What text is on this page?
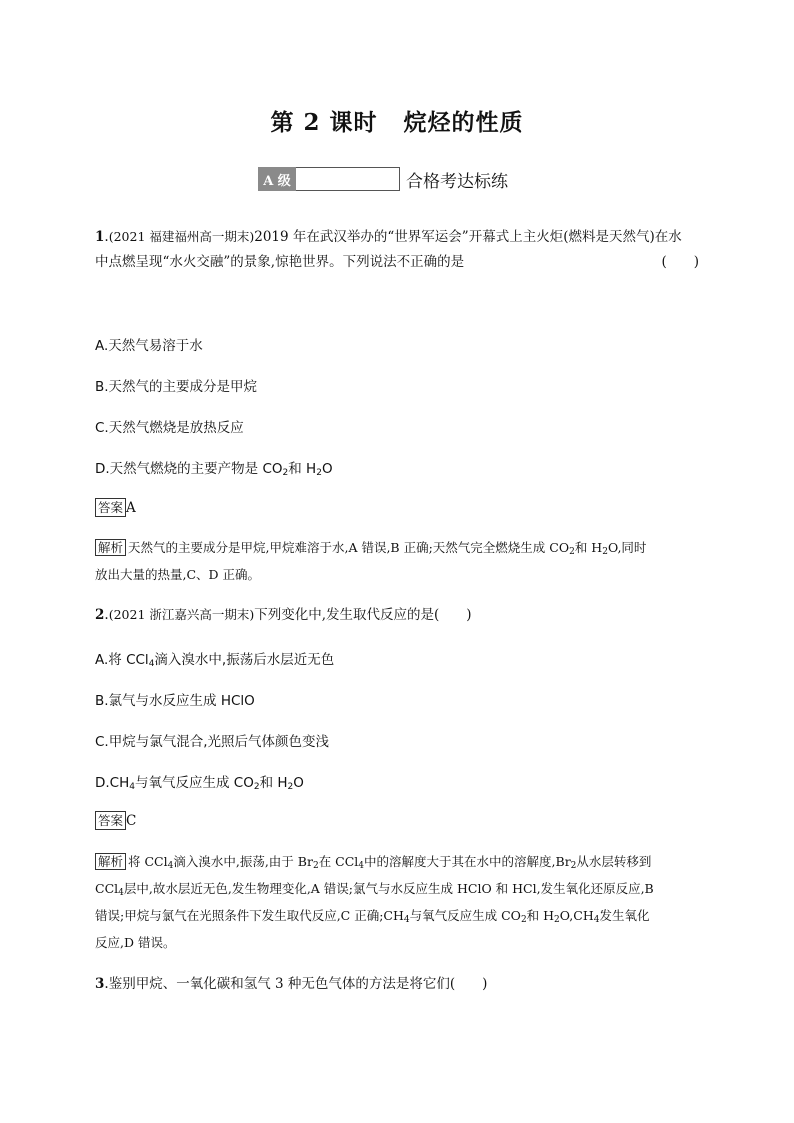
第 2 课时 烷烃的性质
A 级	合格考达标练
1.(2021 福建福州高一期末)2019 年在武汉举办的“世界军运会”开幕式上主火炬(燃料是天然气)在水
中点燃呈现“水火交融”的景象,惊艳世界。下列说法不正确的是	(　　)
A.天然气易溶于水
B.天然气的主要成分是甲烷
C.天然气燃烧是放热反应
D.天然气燃烧的主要产物是 $CO_2$和 $H_2O$
答案 A
解析 天然气的主要成分是甲烷,甲烷难溶于水,A 错误,B 正确;天然气完全燃烧生成 $CO_2$和 $H_2O$,同时
放出大量的热量,C、D 正确。
2.(2021 浙江嘉兴高一期末)下列变化中,发生取代反应的是(　　)
A.将 CCl$_4$滴入溴水中,振荡后水层近无色
B.氯气与水反应生成 HClO
C.甲烷与氯气混合,光照后气体颜色变浅
$D.CH_4$与氧气反应生成 $CO_2$和 $H_2O$
答案 C
解析 将 CCl$_4$滴入溴水中,振荡,由于 $Br_2$在 CCl$_4$中的溶解度大于其在水中的溶解度$,Br_2$从水层转移到
CCl$_4$层中,故水层近无色,发生物理变化,A 错误;氯气与水反应生成 HClO 和 HCl,发生氧化还原反应,B
错误;甲烷与氯气在光照条件下发生取代反应,C 正确$;CH_4$与氧气反应生成 $CO_2$和 $H_2O,CH_4$发生氧化
反应,D 错误。
3.鉴别甲烷、一氧化碳和氢气 3 种无色气体的方法是将它们(　　)
